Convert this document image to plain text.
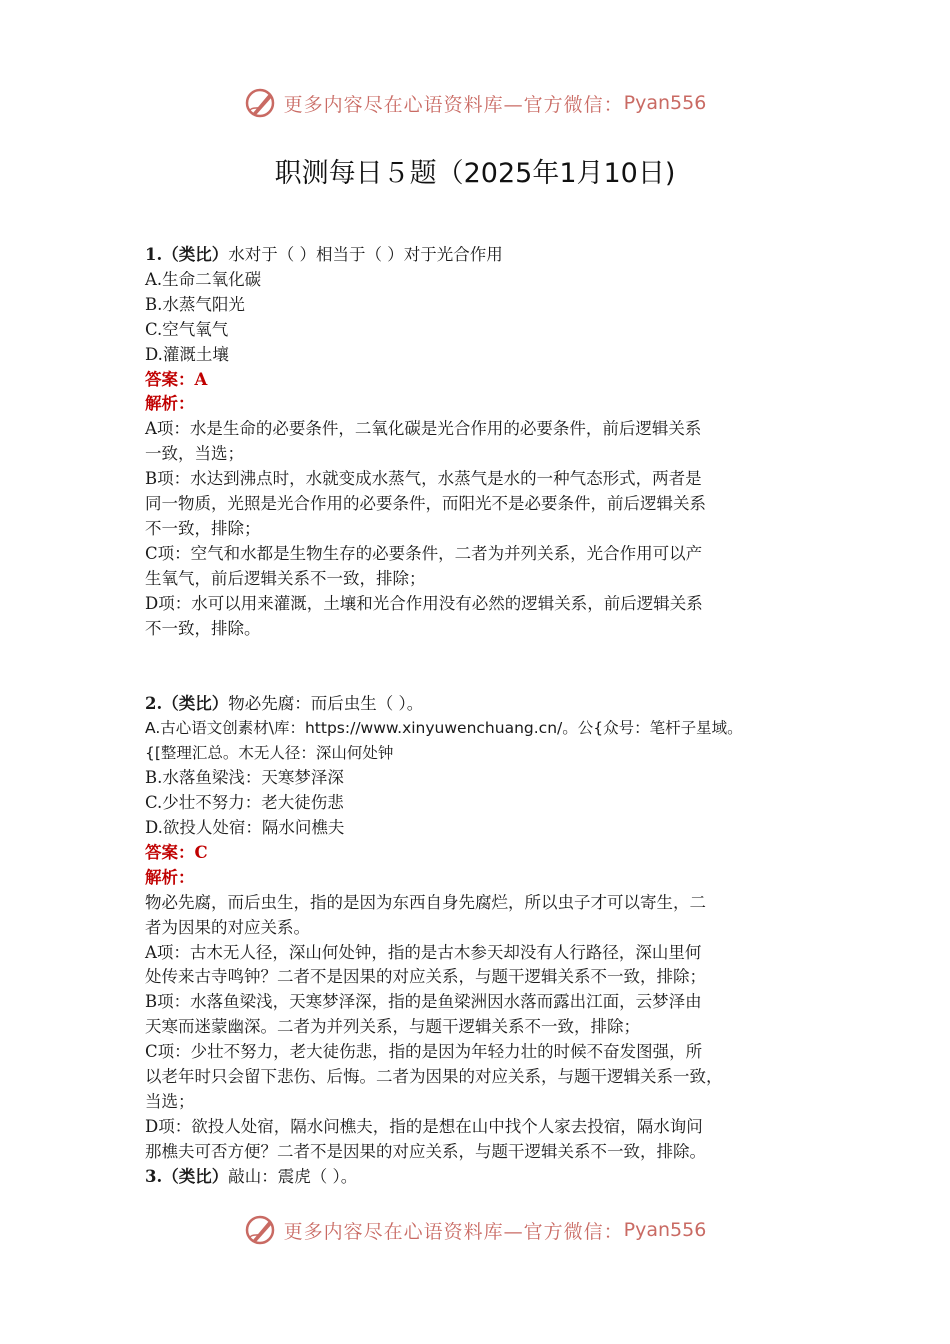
更多内容尽在心语资料库—官方微信： Pyan556
职测每日５题（2025年1月10日)

1.（类比）水对于（ ）相当于（ ）对于光合作用

A.生命二氧化碳

B.水蒸气阳光

C.空气氧气

D.灌溉土壤

答案：A

解析：

A项：水是生命的必要条件，二氧化碳是光合作用的必要条件，前后逻辑关系

一致，当选；

B项：水达到沸点时，水就变成水蒸气，水蒸气是水的一种气态形式，两者是

同一物质，光照是光合作用的必要条件，而阳光不是必要条件，前后逻辑关系

不一致，排除；

C项：空气和水都是生物生存的必要条件，二者为并列关系，光合作用可以产

生氧气，前后逻辑关系不一致，排除；

D项：水可以用来灌溉，土壤和光合作用没有必然的逻辑关系，前后逻辑关系

不一致，排除。

2.（类比）物必先腐：而后虫生（ ）。

A.古心语文创素材\库：https://www.xinyuwenchuang.cn/。公{众号：笔杆子星域。

{[整理汇总。木无人径：深山何处钟

B.水落鱼梁浅：天寒梦泽深

C.少壮不努力：老大徒伤悲

D.欲投人处宿：隔水问樵夫

答案：C

解析：

物必先腐，而后虫生，指的是因为东西自身先腐烂，所以虫子才可以寄生，二

者为因果的对应关系。

A项：古木无人径，深山何处钟，指的是古木参天却没有人行路径，深山里何

处传来古寺鸣钟？二者不是因果的对应关系，与题干逻辑关系不一致，排除；

B项：水落鱼梁浅，天寒梦泽深，指的是鱼梁洲因水落而露出江面，云梦泽由

天寒而迷蒙幽深。二者为并列关系，与题干逻辑关系不一致，排除；

C项：少壮不努力，老大徒伤悲，指的是因为年轻力壮的时候不奋发图强，所

以老年时只会留下悲伤、后悔。二者为因果的对应关系，与题干逻辑关系一致，

当选；

D项：欲投人处宿，隔水问樵夫，指的是想在山中找个人家去投宿，隔水询问

那樵夫可否方便？二者不是因果的对应关系，与题干逻辑关系不一致，排除。

3.（类比）敲山：震虎（ ）。

更多内容尽在心语资料库—官方微信： Pyan556
